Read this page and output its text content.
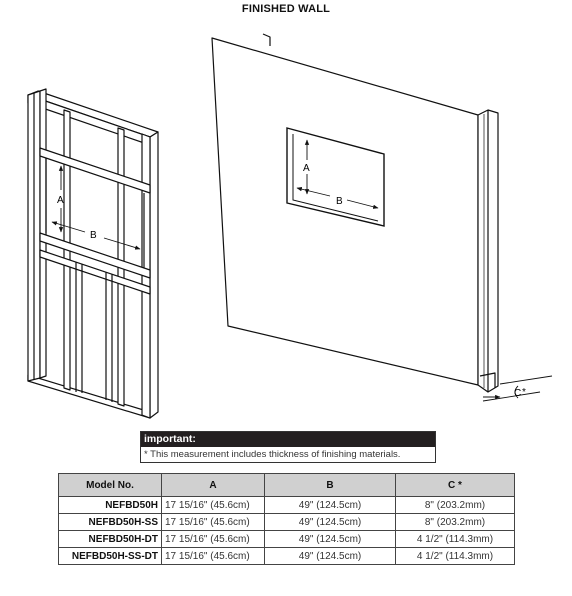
FINISHED WALL
A
B
A
B
C *
important:
* This measurement includes thickness of finishing materials.
Model No.	A	B	C *
NEFBD50H	17 15/16" (45.6cm)	49" (124.5cm)	8" (203.2mm)
NEFBD50H-SS	17 15/16" (45.6cm)	49" (124.5cm)	8" (203.2mm)
NEFBD50H-DT	17 15/16" (45.6cm)	49" (124.5cm)	4 1/2" (114.3mm)
NEFBD50H-SS-DT	17 15/16" (45.6cm)	49" (124.5cm)	4 1/2" (114.3mm)
